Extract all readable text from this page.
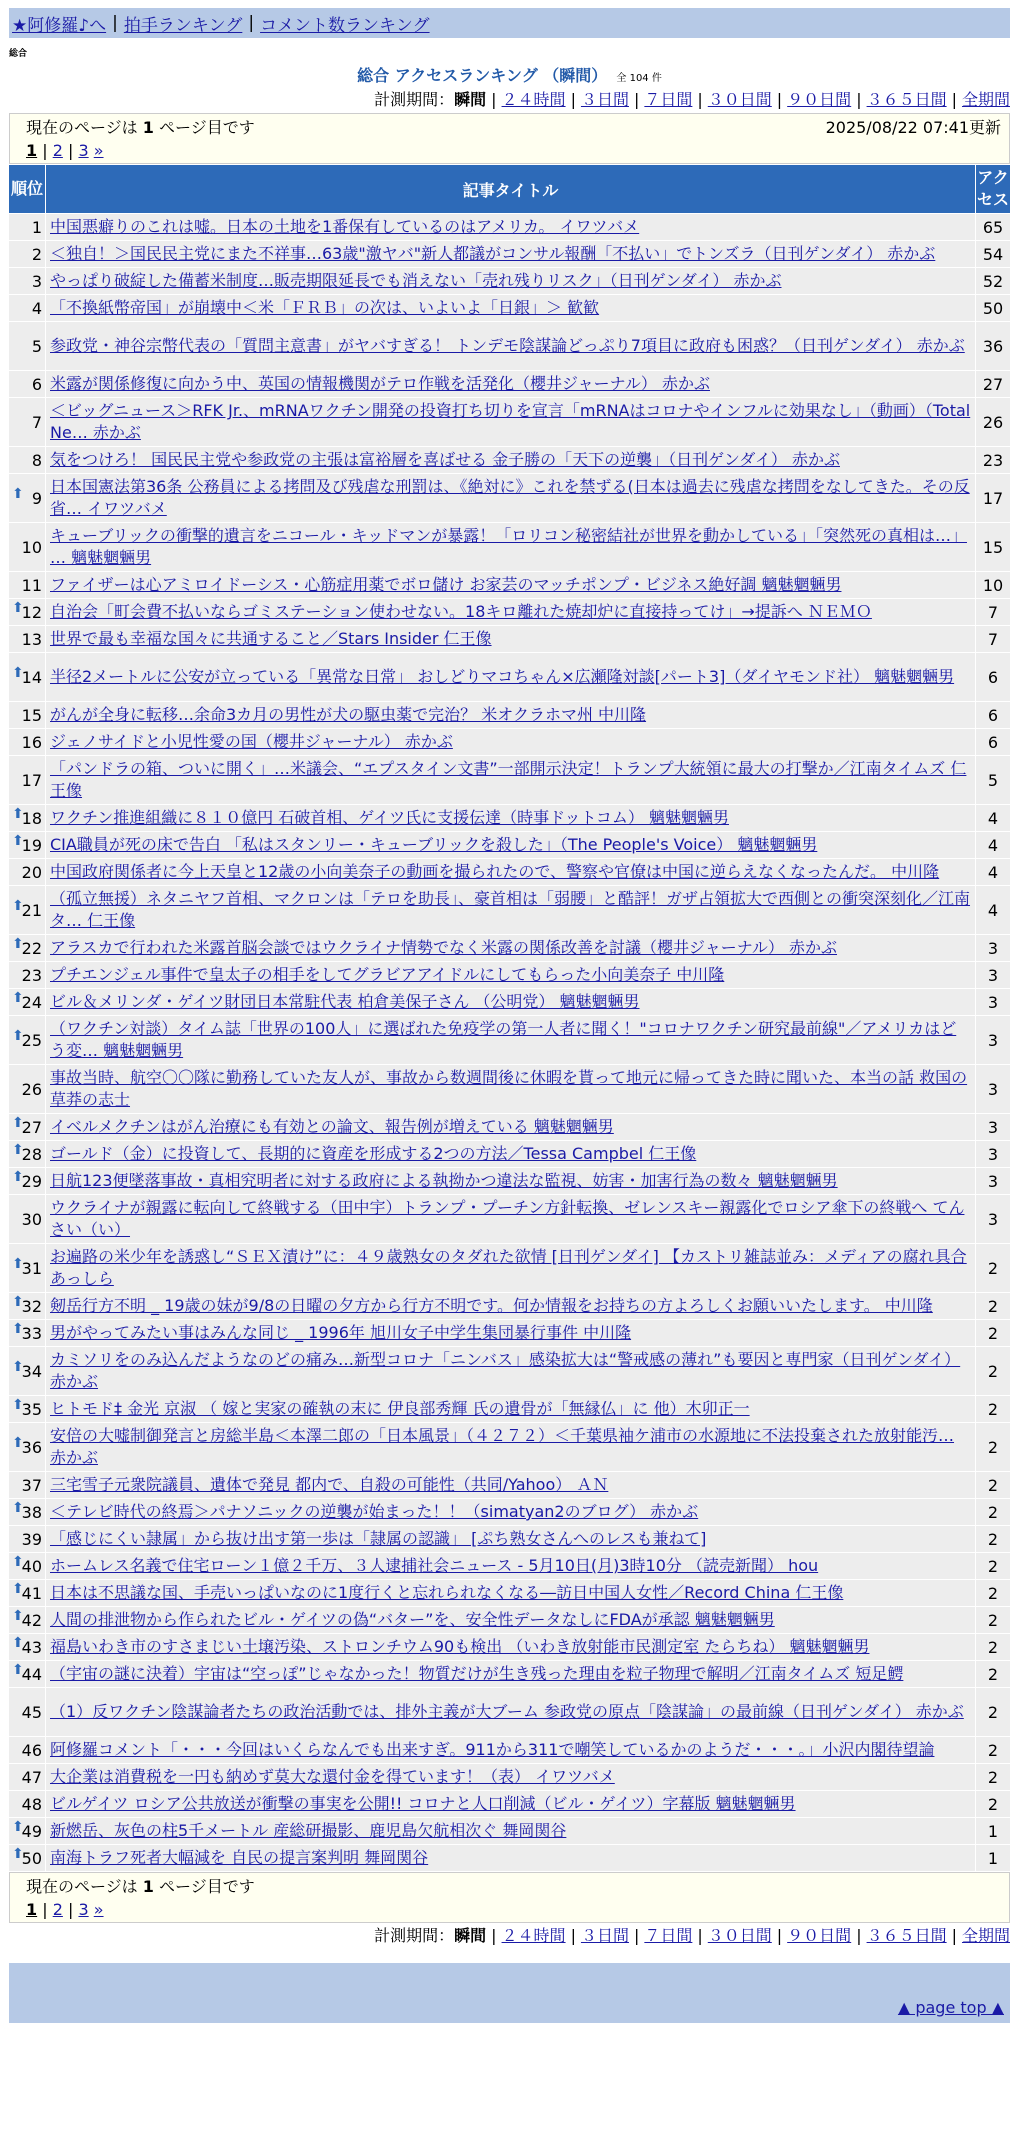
★阿修羅♪へ | 拍手ランキング | コメント数ランキング
総合
総合 アクセスランキング （瞬間） 全 104 件
計測期間：瞬間 | ２４時間 | ３日間 | ７日間 | ３０日間 | ９０日間 | ３６５日間 | 全期間
現在のページは 1 ページ目です	2025/08/22 07:41更新
1 | 2 | 3 »
順位	記事タイトル	アクセス
1	中国悪癖りのこれは嘘。日本の土地を1番保有しているのはアメリカ。 イワツバメ	65
2	＜独自！＞国民民主党にまた不祥事…63歳"激ヤバ"新人都議がコンサル報酬「不払い」でトンズラ（日刊ゲンダイ） 赤かぶ	54
3	やっぱり破綻した備蓄米制度…販売期限延長でも消えない「売れ残りリスク」（日刊ゲンダイ） 赤かぶ	52
4	「不換紙幣帝国」が崩壊中＜米「ＦＲＢ」の次は、いよいよ「日銀」＞ 歓歓	50
5	参政党・神谷宗幣代表の「質問主意書」がヤバすぎる！ トンデモ陰謀論どっぷり7項目に政府も困惑？（日刊ゲンダイ） 赤かぶ	36
6	米露が関係修復に向かう中、英国の情報機関がテロ作戦を活発化（櫻井ジャーナル） 赤かぶ	27
7	＜ビッグニュース＞RFK Jr.、mRNAワクチン開発の投資打ち切りを宣言「mRNAはコロナやインフルに効果なし」（動画）（Total Ne… 赤かぶ	26
8	気をつけろ！ 国民民主党や参政党の主張は富裕層を喜ばせる 金子勝の「天下の逆襲」（日刊ゲンダイ） 赤かぶ	23

⬆ 9	日本国憲法第36条 公務員による拷問及び残虐な刑罰は、《絶対に》これを禁ずる(日本は過去に残虐な拷問をなしてきた。その反省… イワツバメ	17
10	キューブリックの衝撃的遺言をニコール・キッドマンが暴露！「ロリコン秘密結社が世界を動かしている」「突然死の真相は…」 … 魑魅魍魎男	15
11	ファイザーは心アミロイドーシス・心筋症用薬でボロ儲け お家芸のマッチポンプ・ビジネス絶好調 魑魅魍魎男	10

⬆
12	自治会「町会費不払いならゴミステーション使わせない。18キロ離れた焼却炉に直接持ってけ」→提訴へ ＮＥＭＯ	7
13	世界で最も幸福な国々に共通すること／Stars Insider 仁王像	7

⬆
14	半径2メートルに公安が立っている「異常な日常」 おしどりマコちゃん×広瀬隆対談[パート3]（ダイヤモンド社） 魑魅魍魎男	6
15	がんが全身に転移…余命3カ月の男性が犬の駆虫薬で完治？ 米オクラホマ州 中川隆	6
16	ジェノサイドと小児性愛の国（櫻井ジャーナル） 赤かぶ	6
17	「パンドラの箱、ついに開く」…米議会、“エプスタイン文書”一部開示決定！トランプ大統領に最大の打撃か／江南タイムズ 仁王像	5

⬆
18	ワクチン推進組織に８１０億円 石破首相、ゲイツ氏に支援伝達（時事ドットコム） 魑魅魍魎男	4

⬆
19	CIA職員が死の床で告白 「私はスタンリー・キューブリックを殺した」（The People's Voice） 魑魅魍魎男	4
20	中国政府関係者に今上天皇と12歳の小向美奈子の動画を撮られたので、警察や官僚は中国に逆らえなくなったんだ。 中川隆	4

⬆
21	（孤立無援）ネタニヤフ首相、マクロンは「テロを助長」、豪首相は「弱腰」と酷評！ガザ占領拡大で西側との衝突深刻化／江南タ… 仁王像	4

⬆
22	アラスカで行われた米露首脳会談ではウクライナ情勢でなく米露の関係改善を討議（櫻井ジャーナル） 赤かぶ	3
23	プチエンジェル事件で皇太子の相手をしてグラビアアイドルにしてもらった小向美奈子 中川隆	3

⬆
24	ビル＆メリンダ・ゲイツ財団日本常駐代表 柏倉美保子さん （公明党） 魑魅魍魎男	3

⬆
25	（ワクチン対談）タイム誌「世界の100人」に選ばれた免疫学の第一人者に聞く！"コロナワクチン研究最前線"／アメリカはどう変… 魑魅魍魎男	3
26	事故当時、航空〇〇隊に勤務していた友人が、事故から数週間後に休暇を貰って地元に帰ってきた時に聞いた、本当の話 救国の草莽の志士	3

⬆
27	イベルメクチンはがん治療にも有効との論文、報告例が増えている 魑魅魍魎男	3

⬆
28	ゴールド（金）に投資して、長期的に資産を形成する2つの方法／Tessa Campbel 仁王像	3

⬆
29	日航123便墜落事故・真相究明者に対する政府による執拗かつ違法な監視、妨害・加害行為の数々 魑魅魍魎男	3
30	ウクライナが親露に転向して終戦する（田中宇）トランプ・プーチン方針転換、ゼレンスキー親露化でロシア傘下の終戦へ てんさい（い）	3

⬆
31	お遍路の米少年を誘惑し“ＳＥＸ漬け”に：４９歳熟女のタダれた欲情 [日刊ゲンダイ] 【カストリ雑誌並み：メディアの腐れ具合 あっしら	2

⬆
32	剱岳行方不明 _ 19歳の妹が9/8の日曜の夕方から行方不明です。何か情報をお持ちの方よろしくお願いいたします。 中川隆	2

⬆
33	男がやってみたい事はみんな同じ _ 1996年 旭川女子中学生集団暴行事件 中川隆	2

⬆
34	カミソリをのみ込んだようなのどの痛み…新型コロナ「ニンバス」感染拡大は“警戒感の薄れ”も要因と専門家（日刊ゲンダイ） 赤かぶ	2

⬆
35	ヒトモド‡ 金光 京淑 （ 嫁と実家の確執の末に 伊良部秀輝 氏の遺骨が「無縁仏」に 他）木卯正一	2

⬆
36	安倍の大嘘制御発言と房総半島＜本澤二郎の「日本風景」（４２７２）＜千葉県袖ケ浦市の水源地に不法投棄された放射能汚… 赤かぶ	2
37	三宅雪子元衆院議員、遺体で発見 都内で、自殺の可能性（共同/Yahoo） ＡＮ	2

⬆
38	＜テレビ時代の終焉＞パナソニックの逆襲が始まった！！（simatyan2のブログ） 赤かぶ	2
39	「感じにくい隷属」から抜け出す第一歩は「隷属の認識」 [ぷち熟女さんへのレスも兼ねて]	2

⬆
40	ホームレス名義で住宅ローン１億２千万、３人逮捕社会ニュース - 5月10日(月)3時10分 （読売新聞） hou	2

⬆
41	日本は不思議な国、手売いっぱいなのに1度行くと忘れられなくなる―訪日中国人女性／Record China 仁王像	2

⬆
42	人間の排泄物から作られたビル・ゲイツの偽“バター”を、安全性データなしにFDAが承認 魑魅魍魎男	2

⬆
43	福島いわき市のすさまじい土壌汚染、ストロンチウム90も検出 （いわき放射能市民測定室 たらちね） 魑魅魍魎男	2

⬆
44	（宇宙の謎に決着）宇宙は“空っぽ”じゃなかった！物質だけが生き残った理由を粒子物理で解明／江南タイムズ 短足鰐	2
45	（1）反ワクチン陰謀論者たちの政治活動では、排外主義が大ブーム 参政党の原点「陰謀論」の最前線（日刊ゲンダイ） 赤かぶ	2
46	阿修羅コメント「・・・今回はいくらなんでも出来すぎ。911から311で嘲笑しているかのようだ・・・。」小沢内閣待望論	2
47	大企業は消費税を一円も納めず莫大な還付金を得ています！（表） イワツバメ	2
48	ビルゲイツ ロシア公共放送が衝撃の事実を公開!! コロナと人口削減（ビル・ゲイツ）字幕版 魑魅魍魎男	2

⬆
49	新燃岳、灰色の柱5千メートル 産総研撮影、鹿児島欠航相次ぐ 舞岡関谷	1

⬆
50	南海トラフ死者大幅減を 自民の提言案判明 舞岡関谷	1
現在のページは 1 ページ目です
1 | 2 | 3 »
計測期間：瞬間 | ２４時間 | ３日間 | ７日間 | ３０日間 | ９０日間 | ３６５日間 | 全期間
▲ page top ▲
